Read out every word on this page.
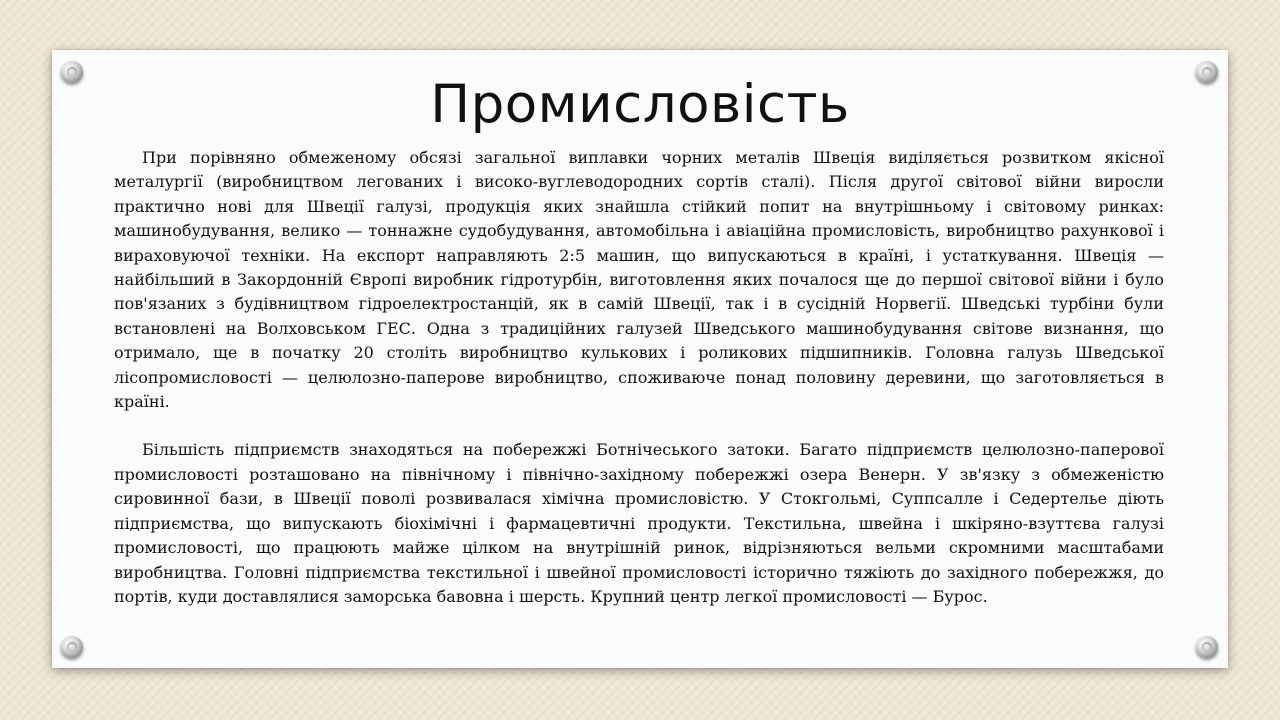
Промисловість

При порівняно обмеженому обсязі загальної виплавки чорних металів Швеція виділяється розвитком якісної металургії (виробництвом легованих і високо-вуглеводородних сортів сталі). Після другої світової війни виросли практично нові для Швеції галузі, продукція яких знайшла стійкий попит на внутрішньому і світовому ринках: машинобудування, велико — тоннажне судобудування, автомобільна і авіаційна промисловість, виробництво рахункової і вираховуючої техніки. На експорт направляють 2:5 машин, що випускаються в країні, і устаткування. Швеція — найбільший в Закордонній Європі виробник гідротурбін, виготовлення яких почалося ще до першої світової війни і було пов'язаних з будівництвом гідроелектростанцій, як в самій Швеції, так і в сусідній Норвегії. Шведські турбіни були встановлені на Волховськом ГЕС. Одна з традиційних галузей Шведського машинобудування світове визнання, що отримало, ще в початку 20 століть виробництво кулькових і роликових підшипників. Головна галузь Шведської лісопромисловості — целюлозно-паперове виробництво, споживаюче понад половину деревини, що заготовляється в країні.

Більшість підприємств знаходяться на побережжі Ботнічеського затоки. Багато підприємств целюлозно-паперової промисловості розташовано на північному і північно-західному побережжі озера Венерн. У зв'язку з обмеженістю сировинної бази, в Швеції поволі розвивалася хімічна промисловістю. У Стокгольмі, Суппсалле і Седертелье діють підприємства, що випускають біохімічні і фармацевтичні продукти. Текстильна, швейна і шкіряно-взуттєва галузі промисловості, що працюють майже цілком на внутрішній ринок, відрізняються вельми скромними масштабами виробництва. Головні підприємства текстильної і швейної промисловості історично тяжіють до західного побережжя, до портів, куди доставлялися заморська бавовна і шерсть. Крупний центр легкої промисловості — Бурос.
